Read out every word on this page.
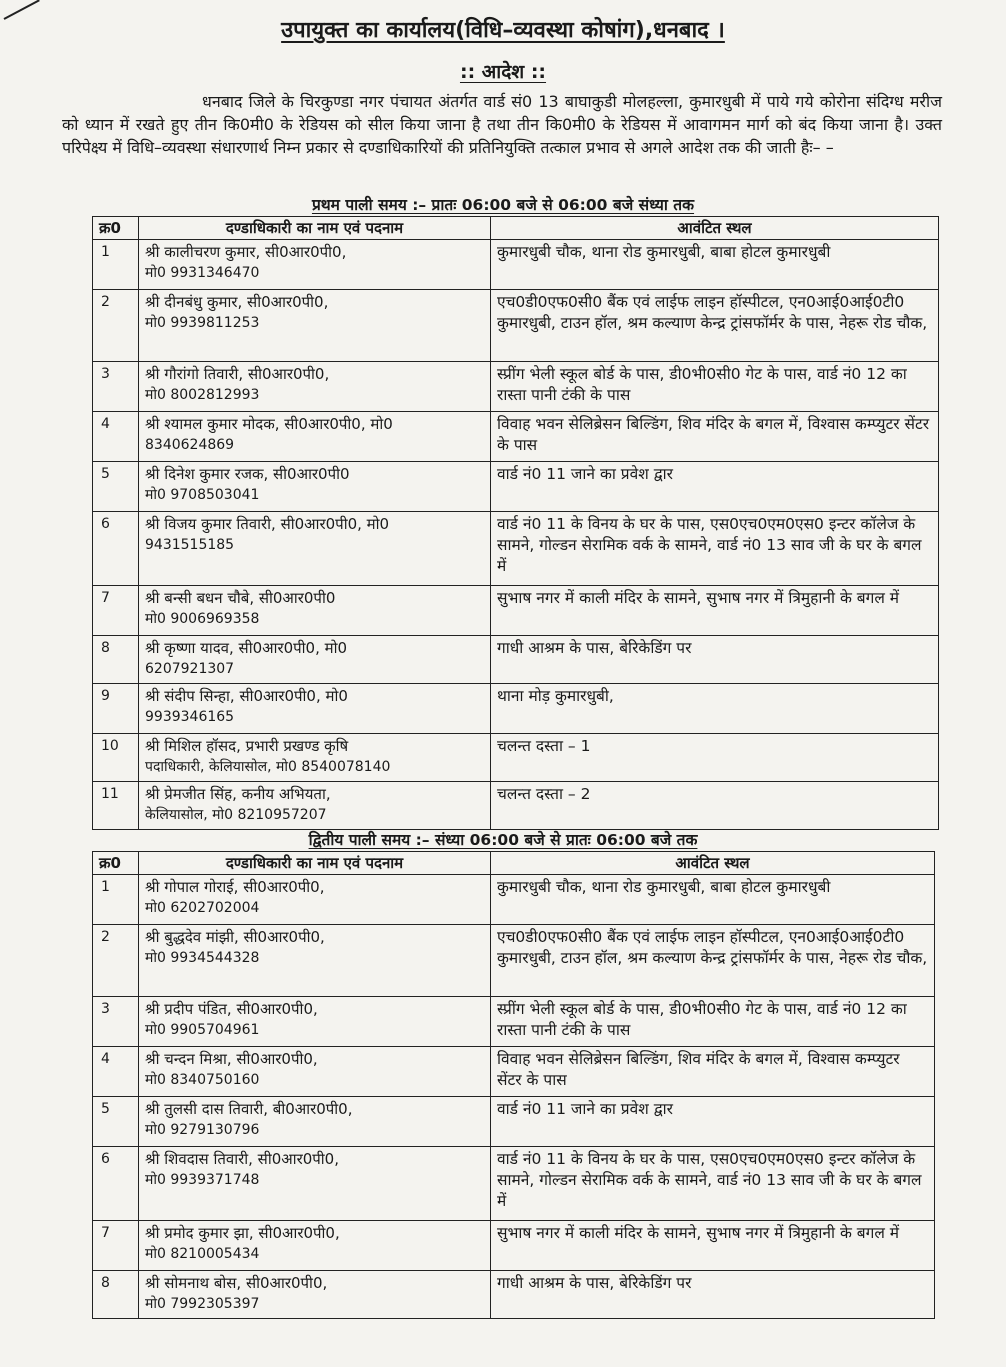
उपायुक्त का कार्यालय(विधि–व्यवस्था कोषांग),धनबाद ।
:: आदेश ::
धनबाद जिले के चिरकुण्डा नगर पंचायत अंतर्गत वार्ड सं0 13 बाघाकुडी मोलहल्ला, कुमारधुबी में पाये गये कोरोना संदिग्ध मरीज को ध्यान में रखते हुए तीन कि0मी0 के रेडियस को सील किया जाना है तथा तीन कि0मी0 के रेडियस में आवागमन मार्ग को बंद किया जाना है। उक्त परिपेक्ष्य में विधि–व्यवस्था संधारणार्थ निम्न प्रकार से दण्डाधिकारियों की प्रतिनियुक्ति तत्काल प्रभाव से अगले आदेश तक की जाती हैः– –
प्रथम पाली समय :– प्रातः 06:00 बजे से 06:00 बजे संध्या तक
क्र0	दण्डाधिकारी का नाम एवं पदनाम	आवंटित स्थल
1	श्री कालीचरण कुमार, सी0आर0पी0,
मो0 9931346470	कुमारधुबी चौक, थाना रोड कुमारधुबी, बाबा होटल कुमारधुबी
2	श्री दीनबंधु कुमार, सी0आर0पी0,
मो0 9939811253	एच0डी0एफ0सी0 बैंक एवं लाईफ लाइन हॉस्पीटल, एन0आई0आई0टी0 कुमारधुबी, टाउन हॉल, श्रम कल्याण केन्द्र ट्रांसफॉर्मर के पास, नेहरू रोड चौक,
3	श्री गौरांगो तिवारी, सी0आर0पी0,
मो0 8002812993	स्प्रींग भेली स्कूल बोर्ड के पास, डी0भी0सी0 गेट के पास, वार्ड नं0 12 का रास्ता पानी टंकी के पास
4	श्री श्यामल कुमार मोदक, सी0आर0पी0, मो0
8340624869	विवाह भवन सेलिब्रेसन बिल्डिंग, शिव मंदिर के बगल में, विश्वास कम्प्युटर सेंटर के पास
5	श्री दिनेश कुमार रजक, सी0आर0पी0
मो0 9708503041	वार्ड नं0 11 जाने का प्रवेश द्वार
6	श्री विजय कुमार तिवारी, सी0आर0पी0, मो0
9431515185	वार्ड नं0 11 के विनय के घर के पास, एस0एच0एम0एस0 इन्टर कॉलेज के सामने, गोल्डन सेरामिक वर्क के सामने, वार्ड नं0 13 साव जी के घर के बगल में
7	श्री बन्सी बधन चौबे, सी0आर0पी0
मो0 9006969358	सुभाष नगर में काली मंदिर के सामने, सुभाष नगर में त्रिमुहानी के बगल में
8	श्री कृष्णा यादव, सी0आर0पी0, मो0
6207921307	गाधी आश्रम के पास, बेरिकेडिंग पर
9	श्री संदीप सिन्हा, सी0आर0पी0, मो0
9939346165	थाना मोड़ कुमारधुबी,
10	श्री मिशिल हॉसद, प्रभारी प्रखण्ड कृषि
पदाधिकारी, केलियासोल, मो0 8540078140	चलन्त दस्ता – 1
11	श्री प्रेमजीत सिंह, कनीय अभियता,
केलियासोल, मो0 8210957207	चलन्त दस्ता – 2
द्वितीय पाली समय :– संध्या 06:00 बजे से प्रातः 06:00 बजे तक
क्र0	दण्डाधिकारी का नाम एवं पदनाम	आवंटित स्थल
1	श्री गोपाल गोराई, सी0आर0पी0,
मो0 6202702004	कुमारधुबी चौक, थाना रोड कुमारधुबी, बाबा होटल कुमारधुबी
2	श्री बुद्धदेव मांझी, सी0आर0पी0,
मो0 9934544328	एच0डी0एफ0सी0 बैंक एवं लाईफ लाइन हॉस्पीटल, एन0आई0आई0टी0 कुमारधुबी, टाउन हॉल, श्रम कल्याण केन्द्र ट्रांसफॉर्मर के पास, नेहरू रोड चौक,
3	श्री प्रदीप पंडित, सी0आर0पी0,
मो0 9905704961	स्प्रींग भेली स्कूल बोर्ड के पास, डी0भी0सी0 गेट के पास, वार्ड नं0 12 का रास्ता पानी टंकी के पास
4	श्री चन्दन मिश्रा, सी0आर0पी0,
मो0 8340750160	विवाह भवन सेलिब्रेसन बिल्डिंग, शिव मंदिर के बगल में, विश्वास कम्प्युटर सेंटर के पास
5	श्री तुलसी दास तिवारी, बी0आर0पी0,
मो0 9279130796	वार्ड नं0 11 जाने का प्रवेश द्वार
6	श्री शिवदास तिवारी, सी0आर0पी0,
मो0 9939371748	वार्ड नं0 11 के विनय के घर के पास, एस0एच0एम0एस0 इन्टर कॉलेज के सामने, गोल्डन सेरामिक वर्क के सामने, वार्ड नं0 13 साव जी के घर के बगल में
7	श्री प्रमोद कुमार झा, सी0आर0पी0,
मो0 8210005434	सुभाष नगर में काली मंदिर के सामने, सुभाष नगर में त्रिमुहानी के बगल में
8	श्री सोमनाथ बोस, सी0आर0पी0,
मो0 7992305397	गाधी आश्रम के पास, बेरिकेडिंग पर
